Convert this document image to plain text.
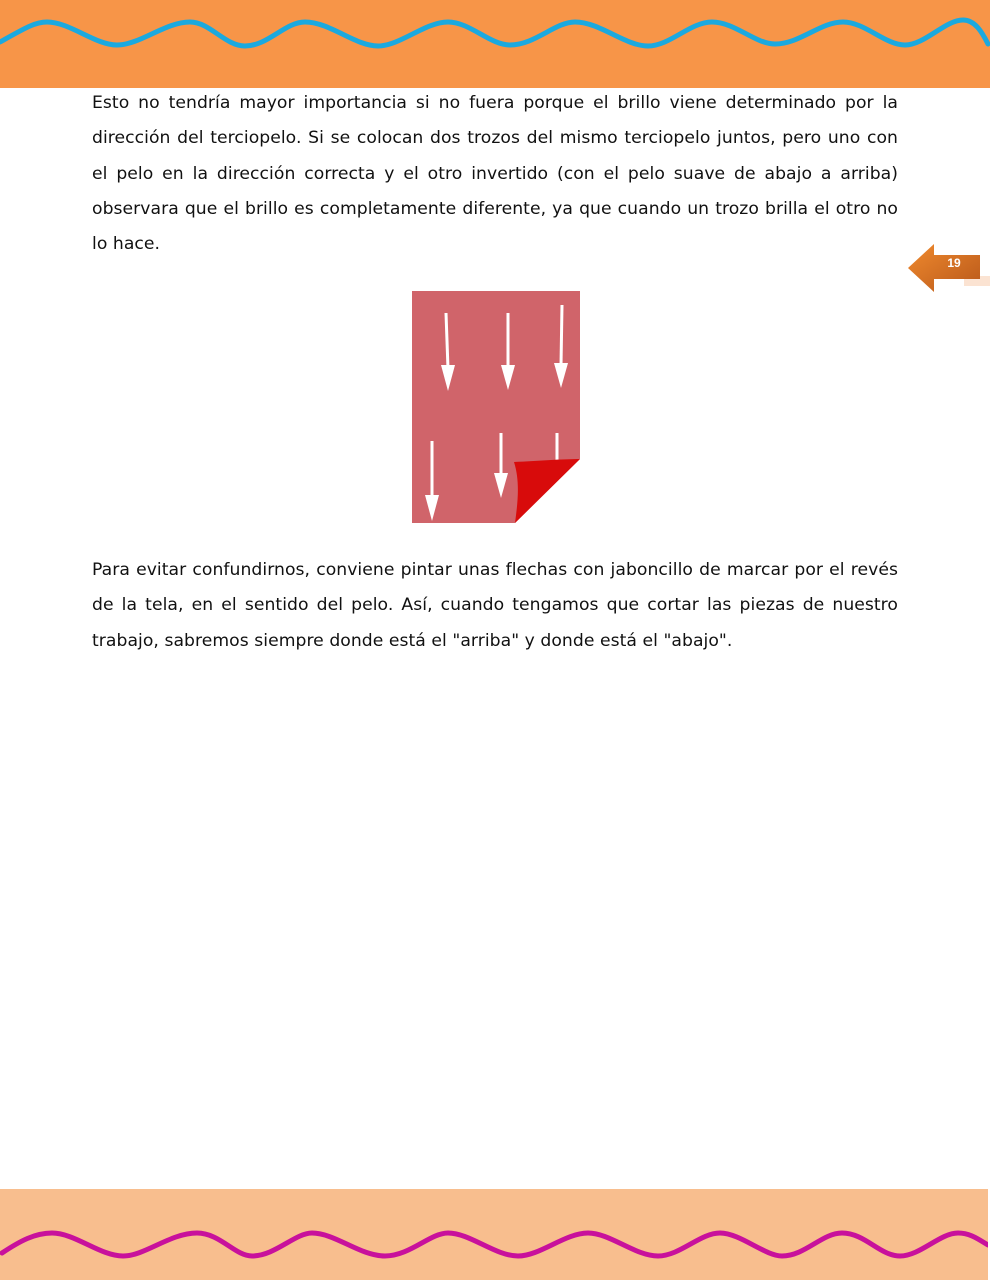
Esto no tendría mayor importancia si no fuera porque el brillo viene determinado por la dirección del terciopelo. Si se colocan dos trozos del mismo terciopelo juntos, pero uno con el pelo en la dirección correcta y el otro invertido (con el pelo suave de abajo a arriba) observara que el brillo es completamente diferente, ya que cuando un trozo brilla el otro no lo hace.

19

Para evitar confundirnos, conviene pintar unas flechas con jaboncillo de marcar por el revés de la tela, en el sentido del pelo. Así, cuando tengamos que cortar las piezas de nuestro trabajo, sabremos siempre donde está el "arriba" y donde está el "abajo".
